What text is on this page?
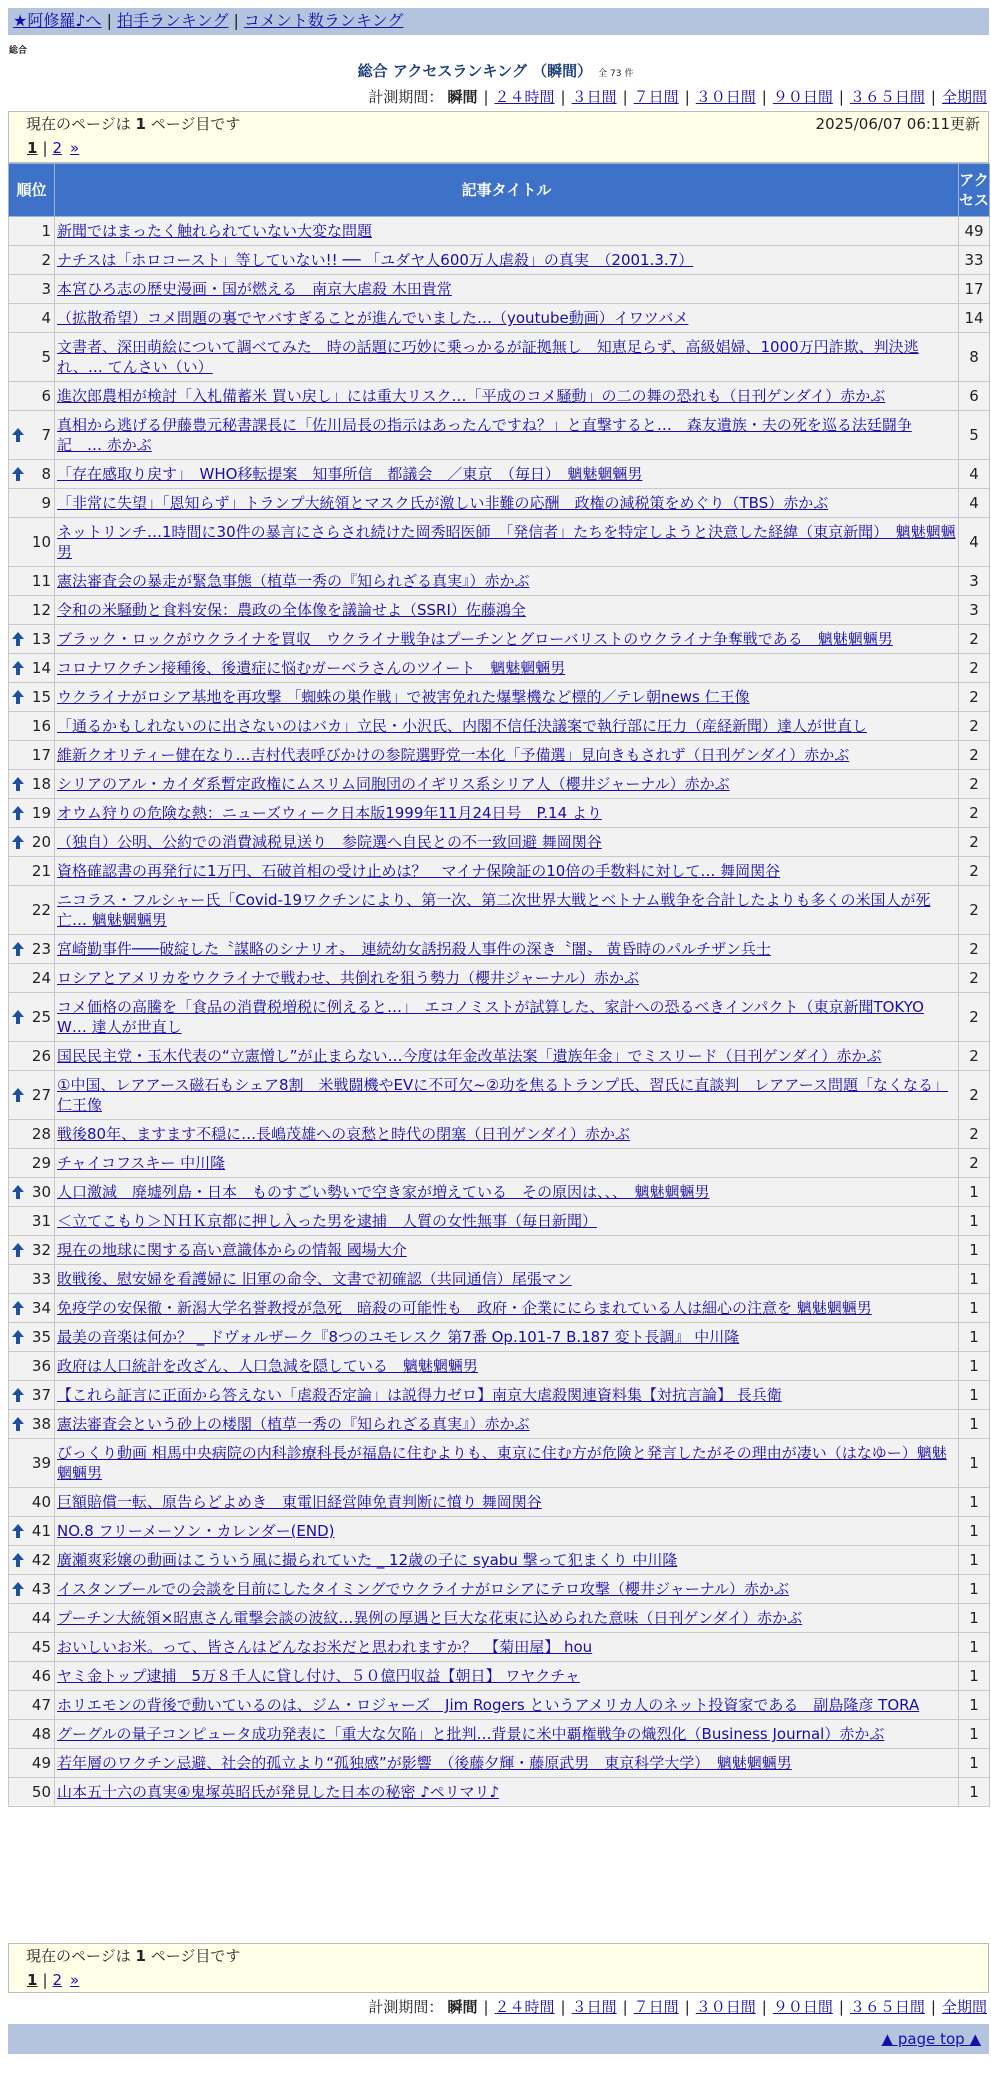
★阿修羅♪へ | 拍手ランキング | コメント数ランキング
総合
総合 アクセスランキング （瞬間） 全 73 件
計測期間： 瞬間 | ２４時間 | ３日間 | ７日間 | ３０日間 | ９０日間 | ３６５日間 | 全期間
現在のページは 1 ページ目です	2025/06/07 06:11更新
1 | 2 »
順位	記事タイトル	アクセス
1	新聞ではまったく触れられていない大変な問題	49
2	ナチスは「ホロコースト」等していない!! ── 「ユダヤ人600万人虐殺」の真実　（2001.3.7）	33
3	本宮ひろ志の歴史漫画・国が燃える　南京大虐殺 木田貴常	17
4	（拡散希望）コメ問題の裏でヤバすぎることが進んでいました…（youtube動画）イワツバメ	14
5	文書者、深田萌絵について調べてみた　時の話題に巧妙に乗っかるが証拠無し　知恵足らず、高級娼婦、1000万円詐欺、判決逃れ、… てんさい（い）	8
6	進次郎農相が検討「入札備蓄米 買い戻し」には重大リスク…「平成のコメ騒動」の二の舞の恐れも（日刊ゲンダイ）赤かぶ	6

7	真相から逃げる伊藤豊元秘書課長に「佐川局長の指示はあったんですね？」と直撃すると…　森友遺族・夫の死を巡る法廷闘争記　… 赤かぶ	5

8	「存在感取り戻す」　WHO移転提案　知事所信　都議会　／東京　（毎日）　魑魅魍魎男	4
9	「非常に失望」「恩知らず」トランプ大統領とマスク氏が激しい非難の応酬　政権の減税策をめぐり（TBS）赤かぶ	4
10	ネットリンチ…1時間に30件の暴言にさらされ続けた岡秀昭医師　「発信者」たちを特定しようと決意した経緯（東京新聞）　魑魅魍魎男	4
11	憲法審査会の暴走が緊急事態（植草一秀の『知られざる真実』）赤かぶ	3
12	令和の米騒動と食料安保：農政の全体像を議論せよ（SSRI）佐藤鴻全	3

13	ブラック・ロックがウクライナを買収　ウクライナ戦争はプーチンとグローバリストのウクライナ争奪戦である　魑魅魍魎男	2

14	コロナワクチン接種後、後遺症に悩むガーベラさんのツイート　魑魅魍魎男	2

15	ウクライナがロシア基地を再攻撃 「蜘蛛の巣作戦」で被害免れた爆撃機など標的／テレ朝news 仁王像	2
16	「通るかもしれないのに出さないのはバカ」立民・小沢氏、内閣不信任決議案で執行部に圧力（産経新聞）達人が世直し	2
17	維新クオリティー健在なり…吉村代表呼びかけの参院選野党一本化「予備選」見向きもされず（日刊ゲンダイ）赤かぶ	2

18	シリアのアル・カイダ系暫定政権にムスリム同胞団のイギリス系シリア人（櫻井ジャーナル）赤かぶ	2

19	オウム狩りの危険な熱：ニューズウィーク日本版1999年11月24日号　P.14 より	2

20	（独自）公明、公約での消費減税見送り　参院選へ自民との不一致回避 舞岡関谷	2
21	資格確認書の再発行に1万円、石破首相の受け止めは？　マイナ保険証の10倍の手数料に対して… 舞岡関谷	2
22	ニコラス・フルシャー氏「Covid-19ワクチンにより、第一次、第二次世界大戦とベトナム戦争を合計したよりも多くの米国人が死亡… 魑魅魍魎男	2

23	宮崎勤事件───破綻した〝謀略のシナリオ〟　連続幼女誘拐殺人事件の深き〝闇〟 黄昏時のパルチザン兵士	2
24	ロシアとアメリカをウクライナで戦わせ、共倒れを狙う勢力（櫻井ジャーナル）赤かぶ	2

25	コメ価格の高騰を「食品の消費税増税に例えると…」　エコノミストが試算した、家計への恐るべきインパクト（東京新聞TOKYO W… 達人が世直し	2
26	国民民主党・玉木代表の“立憲憎し”が止まらない…今度は年金改革法案「遺族年金」でミスリード（日刊ゲンダイ）赤かぶ	2

27	①中国、レアアース磁石もシェア8割　米戦闘機やEVに不可欠~②功を焦るトランプ氏、習氏に直談判　レアアース問題「なくなる」仁王像	2
28	戦後80年、ますます不穏に…長嶋茂雄への哀愁と時代の閉塞（日刊ゲンダイ）赤かぶ	2
29	チャイコフスキー 中川隆	2

30	人口激減　廃墟列島・日本　ものすごい勢いで空き家が増えている　その原因は、、、　魑魅魍魎男	1
31	＜立てこもり＞ＮＨＫ京都に押し入った男を逮捕　人質の女性無事（毎日新聞）	1

32	現在の地球に関する高い意識体からの情報 國場大介	1
33	敗戦後、慰安婦を看護婦に 旧軍の命令、文書で初確認（共同通信）尾張マン	1

34	免疫学の安保徹・新潟大学名誉教授が急死　暗殺の可能性も　政府・企業ににらまれている人は細心の注意を 魑魅魍魎男	1

35	最美の音楽は何か？ _ ドヴォルザーク『8つのユモレスク 第7番 Op.101-7 B.187 変ト長調』 中川隆	1
36	政府は人口統計を改ざん、人口急減を隠している　魑魅魍魎男	1

37	【これら証言に正面から答えない「虐殺否定論」は説得力ゼロ】南京大虐殺関連資料集【対抗言論】 長兵衛	1

38	憲法審査会という砂上の楼閣（植草一秀の『知られざる真実』）赤かぶ	1
39	びっくり動画 相馬中央病院の内科診療科長が福島に住むよりも、東京に住む方が危険と発言したがその理由が凄い（はなゆー）魑魅魍魎男	1
40	巨額賠償一転、原告らどよめき　東電旧経営陣免責判断に憤り 舞岡関谷	1

41	NO.8 フリーメーソン・カレンダー(END)	1

42	廣瀬爽彩嬢の動画はこういう風に撮られていた _ 12歳の子に syabu 撃って犯まくり 中川隆	1

43	イスタンブールでの会談を目前にしたタイミングでウクライナがロシアにテロ攻撃（櫻井ジャーナル）赤かぶ	1
44	プーチン大統領×昭恵さん電撃会談の波紋…異例の厚遇と巨大な花束に込められた意味（日刊ゲンダイ）赤かぶ	1
45	おいしいお米。って、皆さんはどんなお米だと思われますか？　【菊田屋】 hou	1
46	ヤミ金トップ逮捕　5万８千人に貸し付け、５０億円収益【朝日】 ワヤクチャ	1
47	ホリエモンの背後で動いているのは、ジム・ロジャーズ　Jim Rogers というアメリカ人のネット投資家である　副島隆彦 TORA	1
48	グーグルの量子コンピュータ成功発表に「重大な欠陥」と批判…背景に米中覇権戦争の熾烈化（Business Journal）赤かぶ	1
49	若年層のワクチン忌避、社会的孤立より“孤独感”が影響　（後藤夕輝・藤原武男　東京科学大学）　魑魅魍魎男	1
50	山本五十六の真実④鬼塚英昭氏が発見した日本の秘密 ♪ペリマリ♪	1
現在のページは 1 ページ目です
1 | 2 »
計測期間： 瞬間 | ２４時間 | ３日間 | ７日間 | ３０日間 | ９０日間 | ３６５日間 | 全期間
▲ page top ▲
